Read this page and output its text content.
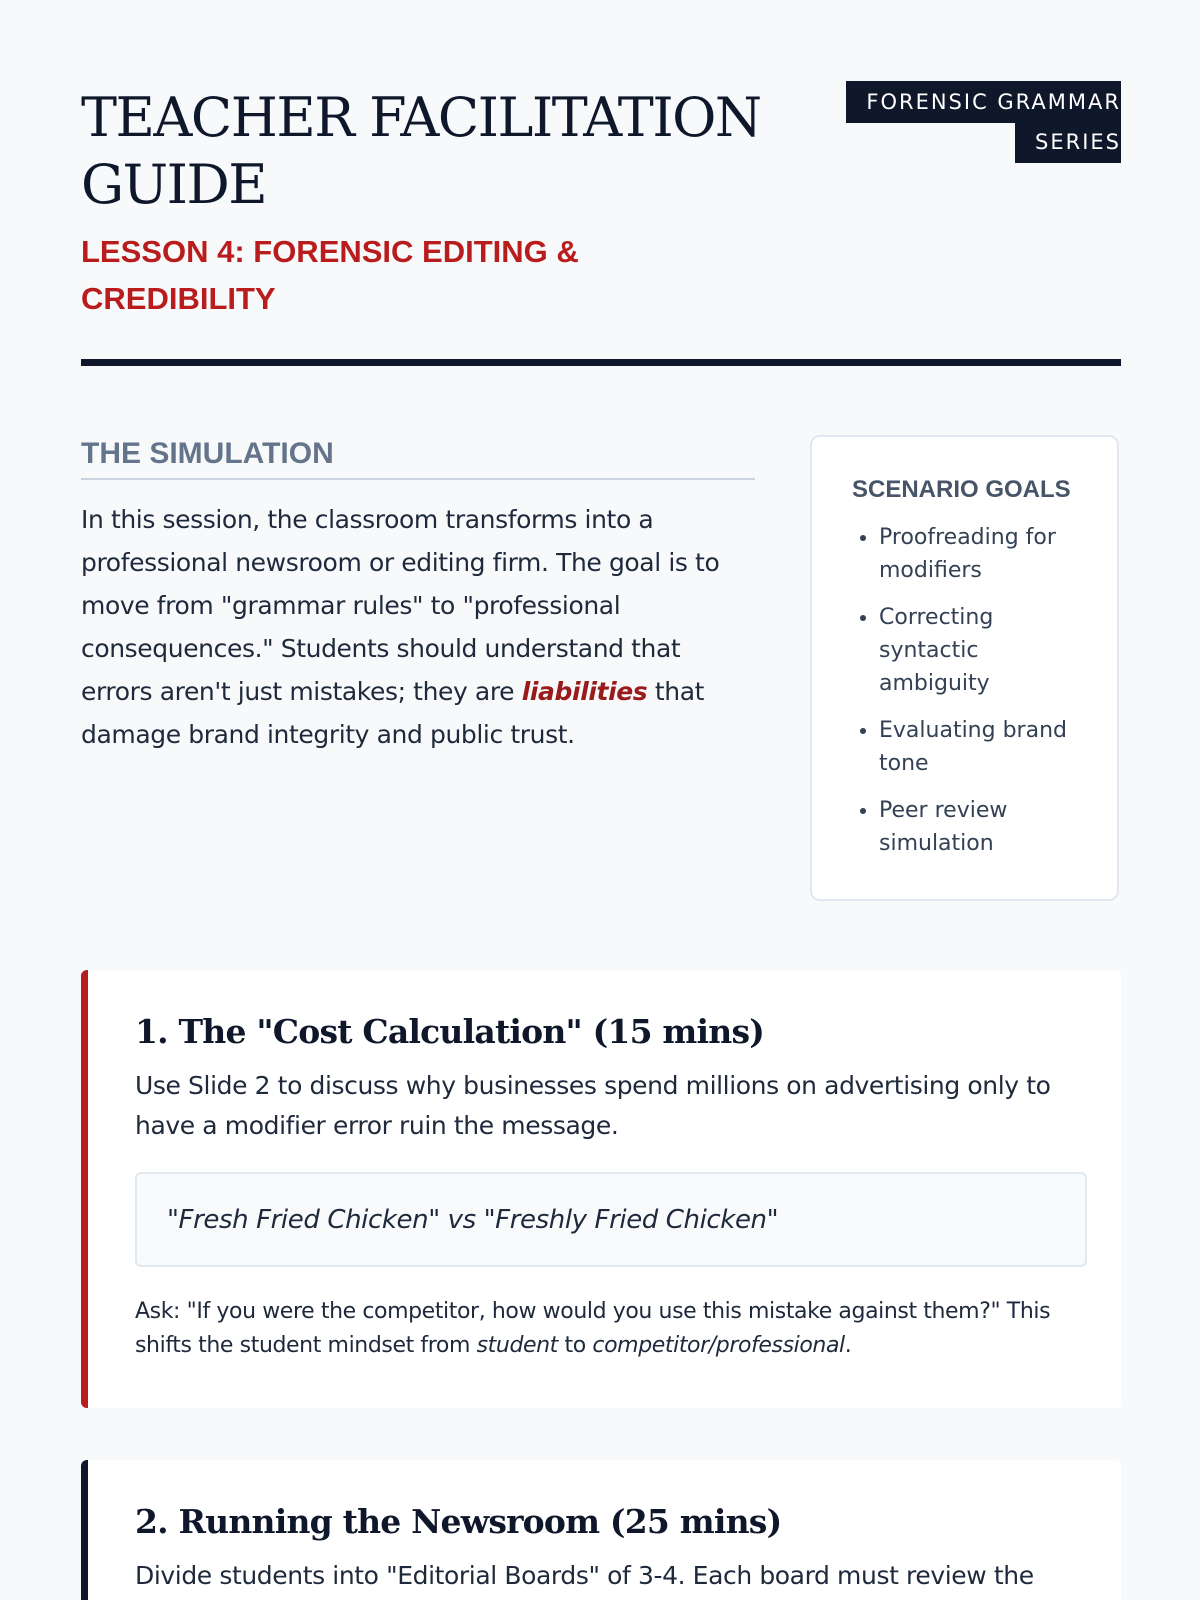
TEACHER FACILITATION GUIDE
LESSON 4: FORENSIC EDITING & CREDIBILITY
FORENSIC GRAMMAR SERIES
THE SIMULATION

In this session, the classroom transforms into a professional newsroom or editing firm. The goal is to move from "grammar rules" to "professional consequences." Students should understand that errors aren't just mistakes; they are liabilities that damage brand integrity and public trust.

SCENARIO GOALS
• Proofreading for modifiers
• Correcting syntactic ambiguity
• Evaluating brand tone
• Peer review simulation
1. The "Cost Calculation" (15 mins)

Use Slide 2 to discuss why businesses spend millions on advertising only to have a modifier error ruin the message.

"Fresh Fried Chicken" vs "Freshly Fried Chicken"

Ask: "If you were the competitor, how would you use this mistake against them?" This shifts the student mindset from student to competitor/professional.

2. Running the Newsroom (25 mins)

Divide students into "Editorial Boards" of 3-4. Each board must review the
